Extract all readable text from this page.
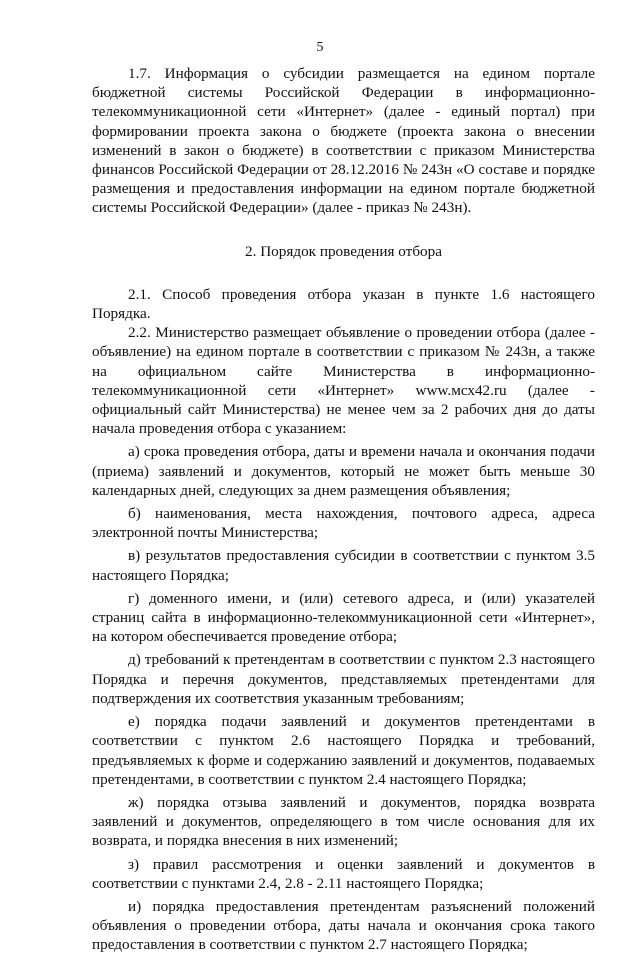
5

1.7. Информация о субсидии размещается на едином портале бюджетной системы Российской Федерации в информационно-телекоммуникационной сети «Интернет» (далее - единый портал) при формировании проекта закона о бюджете (проекта закона о внесении изменений в закон о бюджете) в соответствии с приказом Министерства финансов Российской Федерации от 28.12.2016 № 243н «О составе и порядке размещения и предоставления информации на едином портале бюджетной системы Российской Федерации» (далее - приказ № 243н).

2. Порядок проведения отбора

2.1. Способ проведения отбора указан в пункте 1.6 настоящего Порядка.

2.2. Министерство размещает объявление о проведении отбора (далее - объявление) на едином портале в соответствии с приказом № 243н, а также на официальном сайте Министерства в информационно-телекоммуникационной сети «Интернет» www.мсх42.ru (далее - официальный сайт Министерства) не менее чем за 2 рабочих дня до даты начала проведения отбора с указанием:

а) срока проведения отбора, даты и времени начала и окончания подачи (приема) заявлений и документов, который не может быть меньше 30 календарных дней, следующих за днем размещения объявления;

б) наименования, места нахождения, почтового адреса, адреса электронной почты Министерства;

в) результатов предоставления субсидии в соответствии с пунктом 3.5 настоящего Порядка;

г) доменного имени, и (или) сетевого адреса, и (или) указателей страниц сайта в информационно-телекоммуникационной сети «Интернет», на котором обеспечивается проведение отбора;

д) требований к претендентам в соответствии с пунктом 2.3 настоящего Порядка и перечня документов, представляемых претендентами для подтверждения их соответствия указанным требованиям;

е) порядка подачи заявлений и документов претендентами в соответствии с пунктом 2.6 настоящего Порядка и требований, предъявляемых к форме и содержанию заявлений и документов, подаваемых претендентами, в соответствии с пунктом 2.4 настоящего Порядка;

ж) порядка отзыва заявлений и документов, порядка возврата заявлений и документов, определяющего в том числе основания для их возврата, и порядка внесения в них изменений;

з) правил рассмотрения и оценки заявлений и документов в соответствии с пунктами 2.4, 2.8 - 2.11 настоящего Порядка;

и) порядка предоставления претендентам разъяснений положений объявления о проведении отбора, даты начала и окончания срока такого предоставления в соответствии с пунктом 2.7 настоящего Порядка;
